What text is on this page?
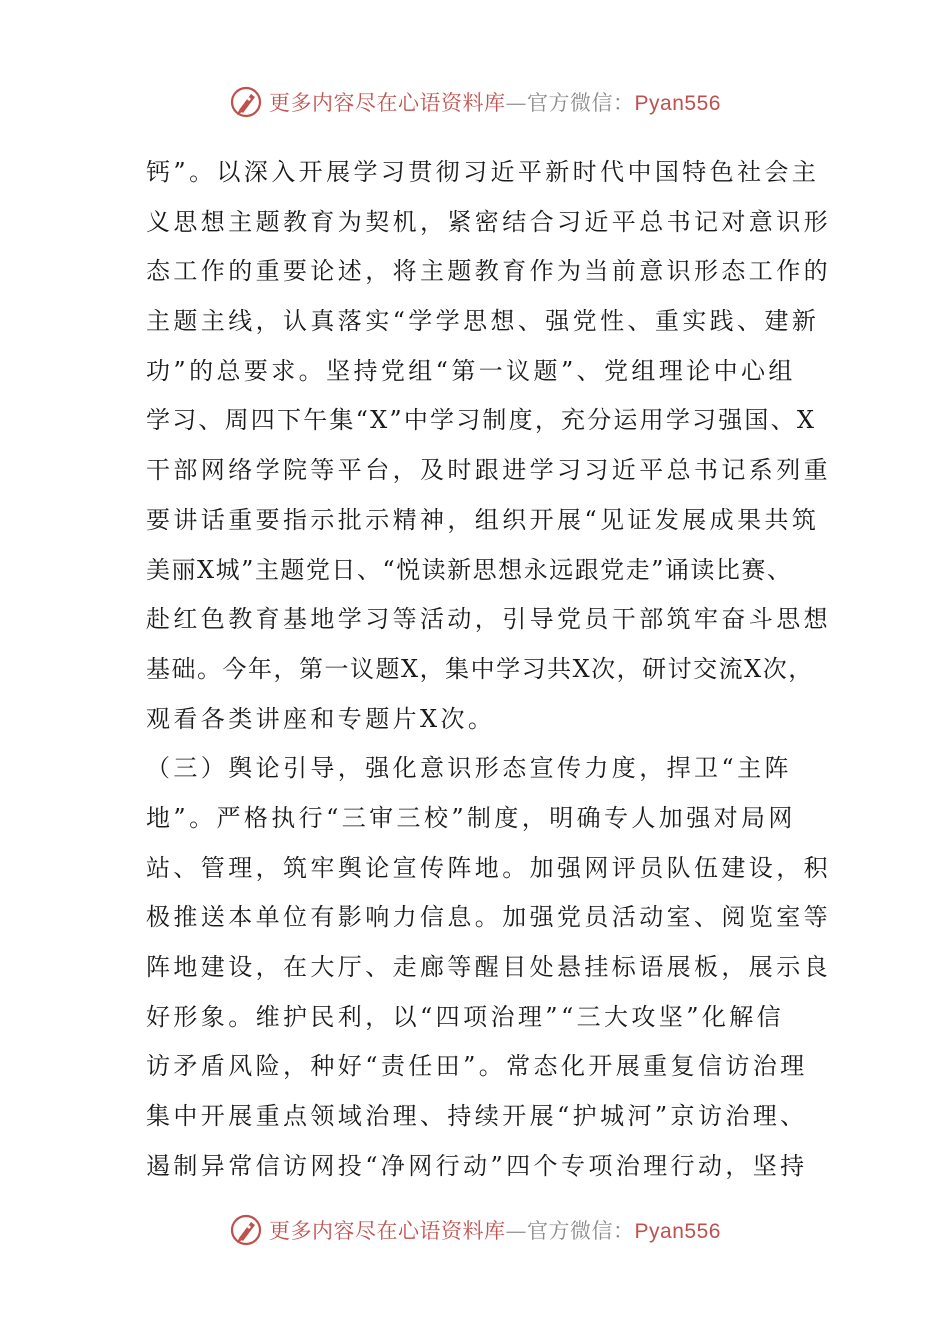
更多内容尽在心语资料库—官方微信：Pyan556
钙”。以深入开展学习贯彻习近平新时代中国特色社会主
义思想主题教育为契机，紧密结合习近平总书记对意识形
态工作的重要论述，将主题教育作为当前意识形态工作的
主题主线，认真落实“学学思想、强党性、重实践、建新
功”的总要求。坚持党组“第一议题”、党组理论中心组
学习、周四下午集“X”中学习制度，充分运用学习强国、X
干部网络学院等平台，及时跟进学习习近平总书记系列重
要讲话重要指示批示精神，组织开展“见证发展成果共筑
美丽X城”主题党日、“悦读新思想永远跟党走”诵读比赛、
赴红色教育基地学习等活动，引导党员干部筑牢奋斗思想
基础。今年，第一议题X，集中学习共X次，研讨交流X次，
观看各类讲座和专题片X次。
（三）舆论引导，强化意识形态宣传力度，捍卫“主阵
地”。严格执行“三审三校”制度，明确专人加强对局网
站、管理，筑牢舆论宣传阵地。加强网评员队伍建设，积
极推送本单位有影响力信息。加强党员活动室、阅览室等
阵地建设，在大厅、走廊等醒目处悬挂标语展板，展示良
好形象。维护民利，以“四项治理”“三大攻坚”化解信
访矛盾风险，种好“责任田”。常态化开展重复信访治理
集中开展重点领域治理、持续开展“护城河”京访治理、
遏制异常信访网投“净网行动”四个专项治理行动，坚持
更多内容尽在心语资料库—官方微信：Pyan556
